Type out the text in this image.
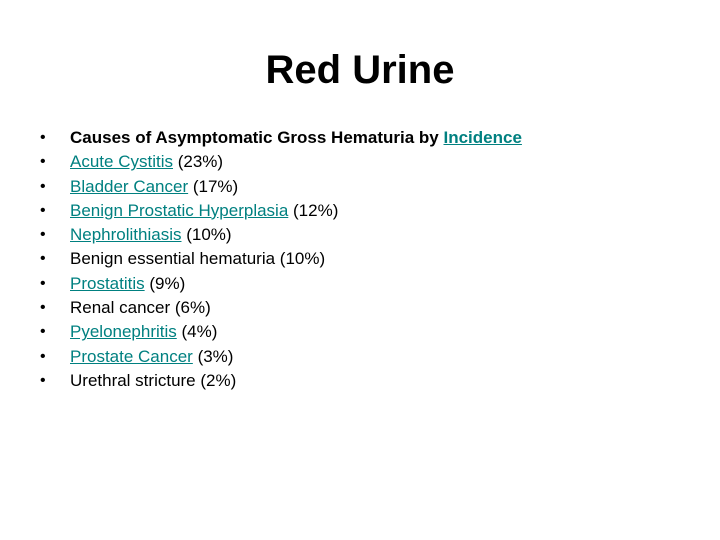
Red Urine
•	Causes of Asymptomatic Gross Hematuria by Incidence
•	Acute Cystitis (23%)
•	Bladder Cancer (17%)
•	Benign Prostatic Hyperplasia (12%)
•	Nephrolithiasis (10%)
•	Benign essential hematuria (10%)
•	Prostatitis (9%)
•	Renal cancer (6%)
•	Pyelonephritis (4%)
•	Prostate Cancer (3%)
•	Urethral stricture (2%)
